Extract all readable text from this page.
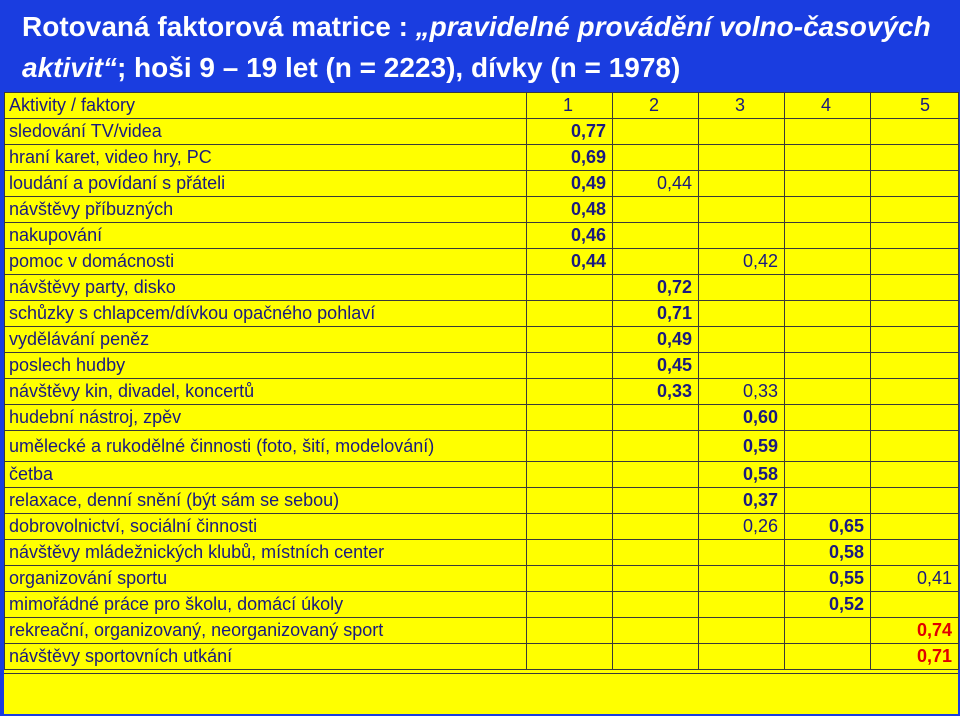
Rotovaná faktorová matrice : „pravidelné provádění volno-časových aktivit“; hoši 9 – 19 let (n = 2223), dívky (n = 1978)
Aktivity / faktory	1	2	3	4	5
sledování TV/videa	0,77				
hraní karet, video hry, PC	0,69				
loudání a povídaní s přáteli	0,49	0,44			
návštěvy příbuzných	0,48				
nakupování	0,46				
pomoc v domácnosti	0,44		0,42		
návštěvy party, disko		0,72			
schůzky s chlapcem/dívkou opačného pohlaví		0,71			
vydělávání peněz		0,49			
poslech hudby		0,45			
návštěvy kin, divadel, koncertů		0,33	0,33		
hudební nástroj, zpěv			0,60		
umělecké a rukodělné činnosti (foto, šití, modelování)			0,59		
četba			0,58		
relaxace, denní snění (být sám se sebou)			0,37		
dobrovolnictví, sociální činnosti			0,26	0,65	
návštěvy mládežnických klubů, místních center				0,58	
organizování sportu				0,55	0,41
mimořádné práce pro školu, domácí úkoly				0,52	
rekreační, organizovaný, neorganizovaný sport					0,74
návštěvy sportovních utkání					0,71
